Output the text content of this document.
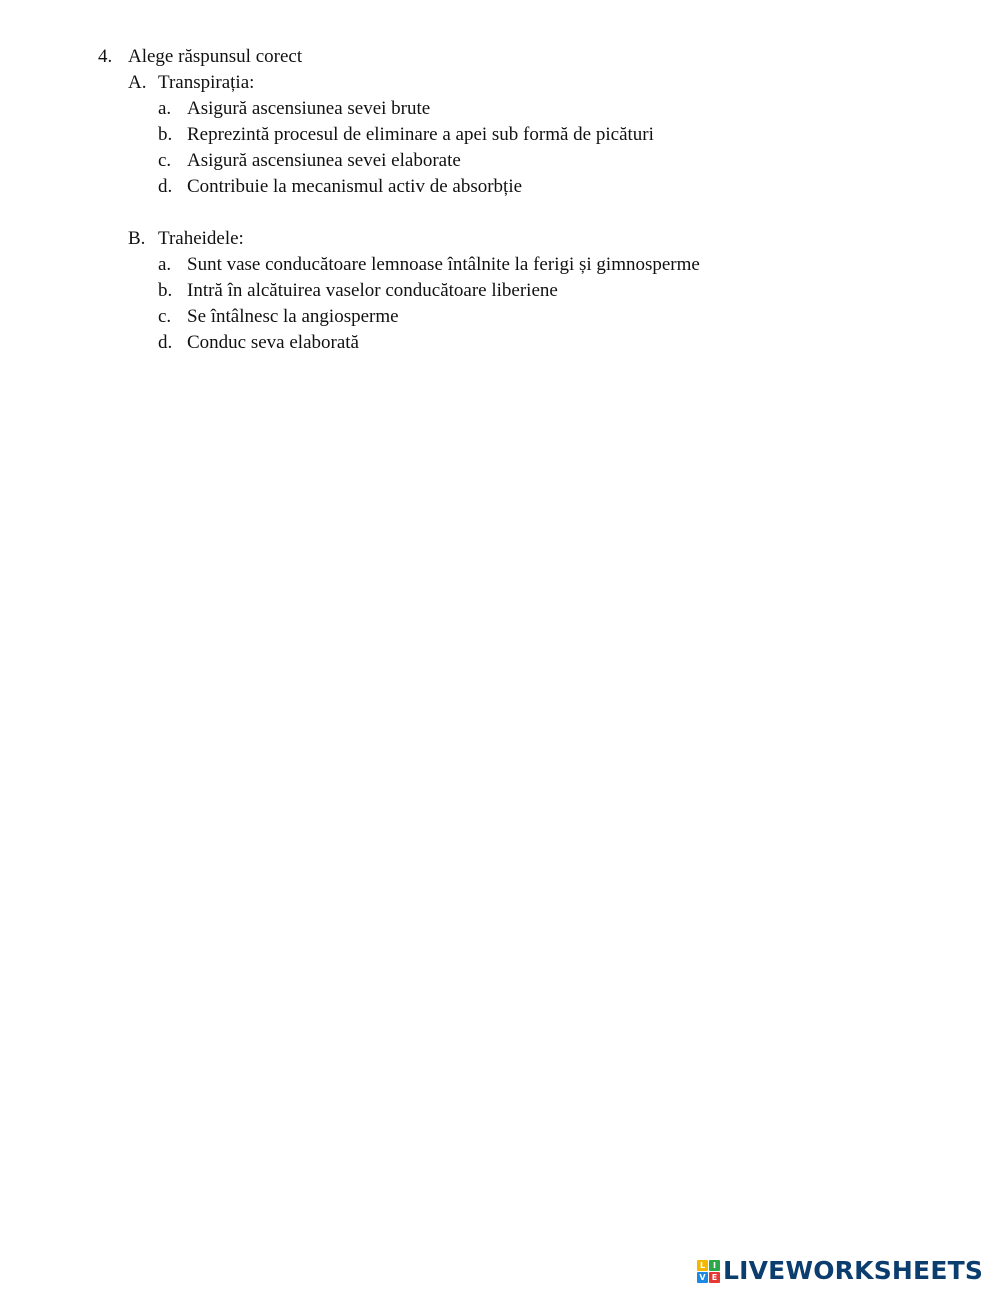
4. Alege răspunsul corect
A. Transpirația:
a. Asigură ascensiunea sevei brute
b. Reprezintă procesul de eliminare a apei sub formă de picături
c. Asigură ascensiunea sevei elaborate
d. Contribuie la mecanismul activ de absorbție
B. Traheidele:
a. Sunt vase conducătoare lemnoase întâlnite la ferigi și gimnosperme
b. Intră în alcătuirea vaselor conducătoare liberiene
c. Se întâlnesc la angiosperme
d. Conduc seva elaborată
L I
V E LIVEWORKSHEETS
